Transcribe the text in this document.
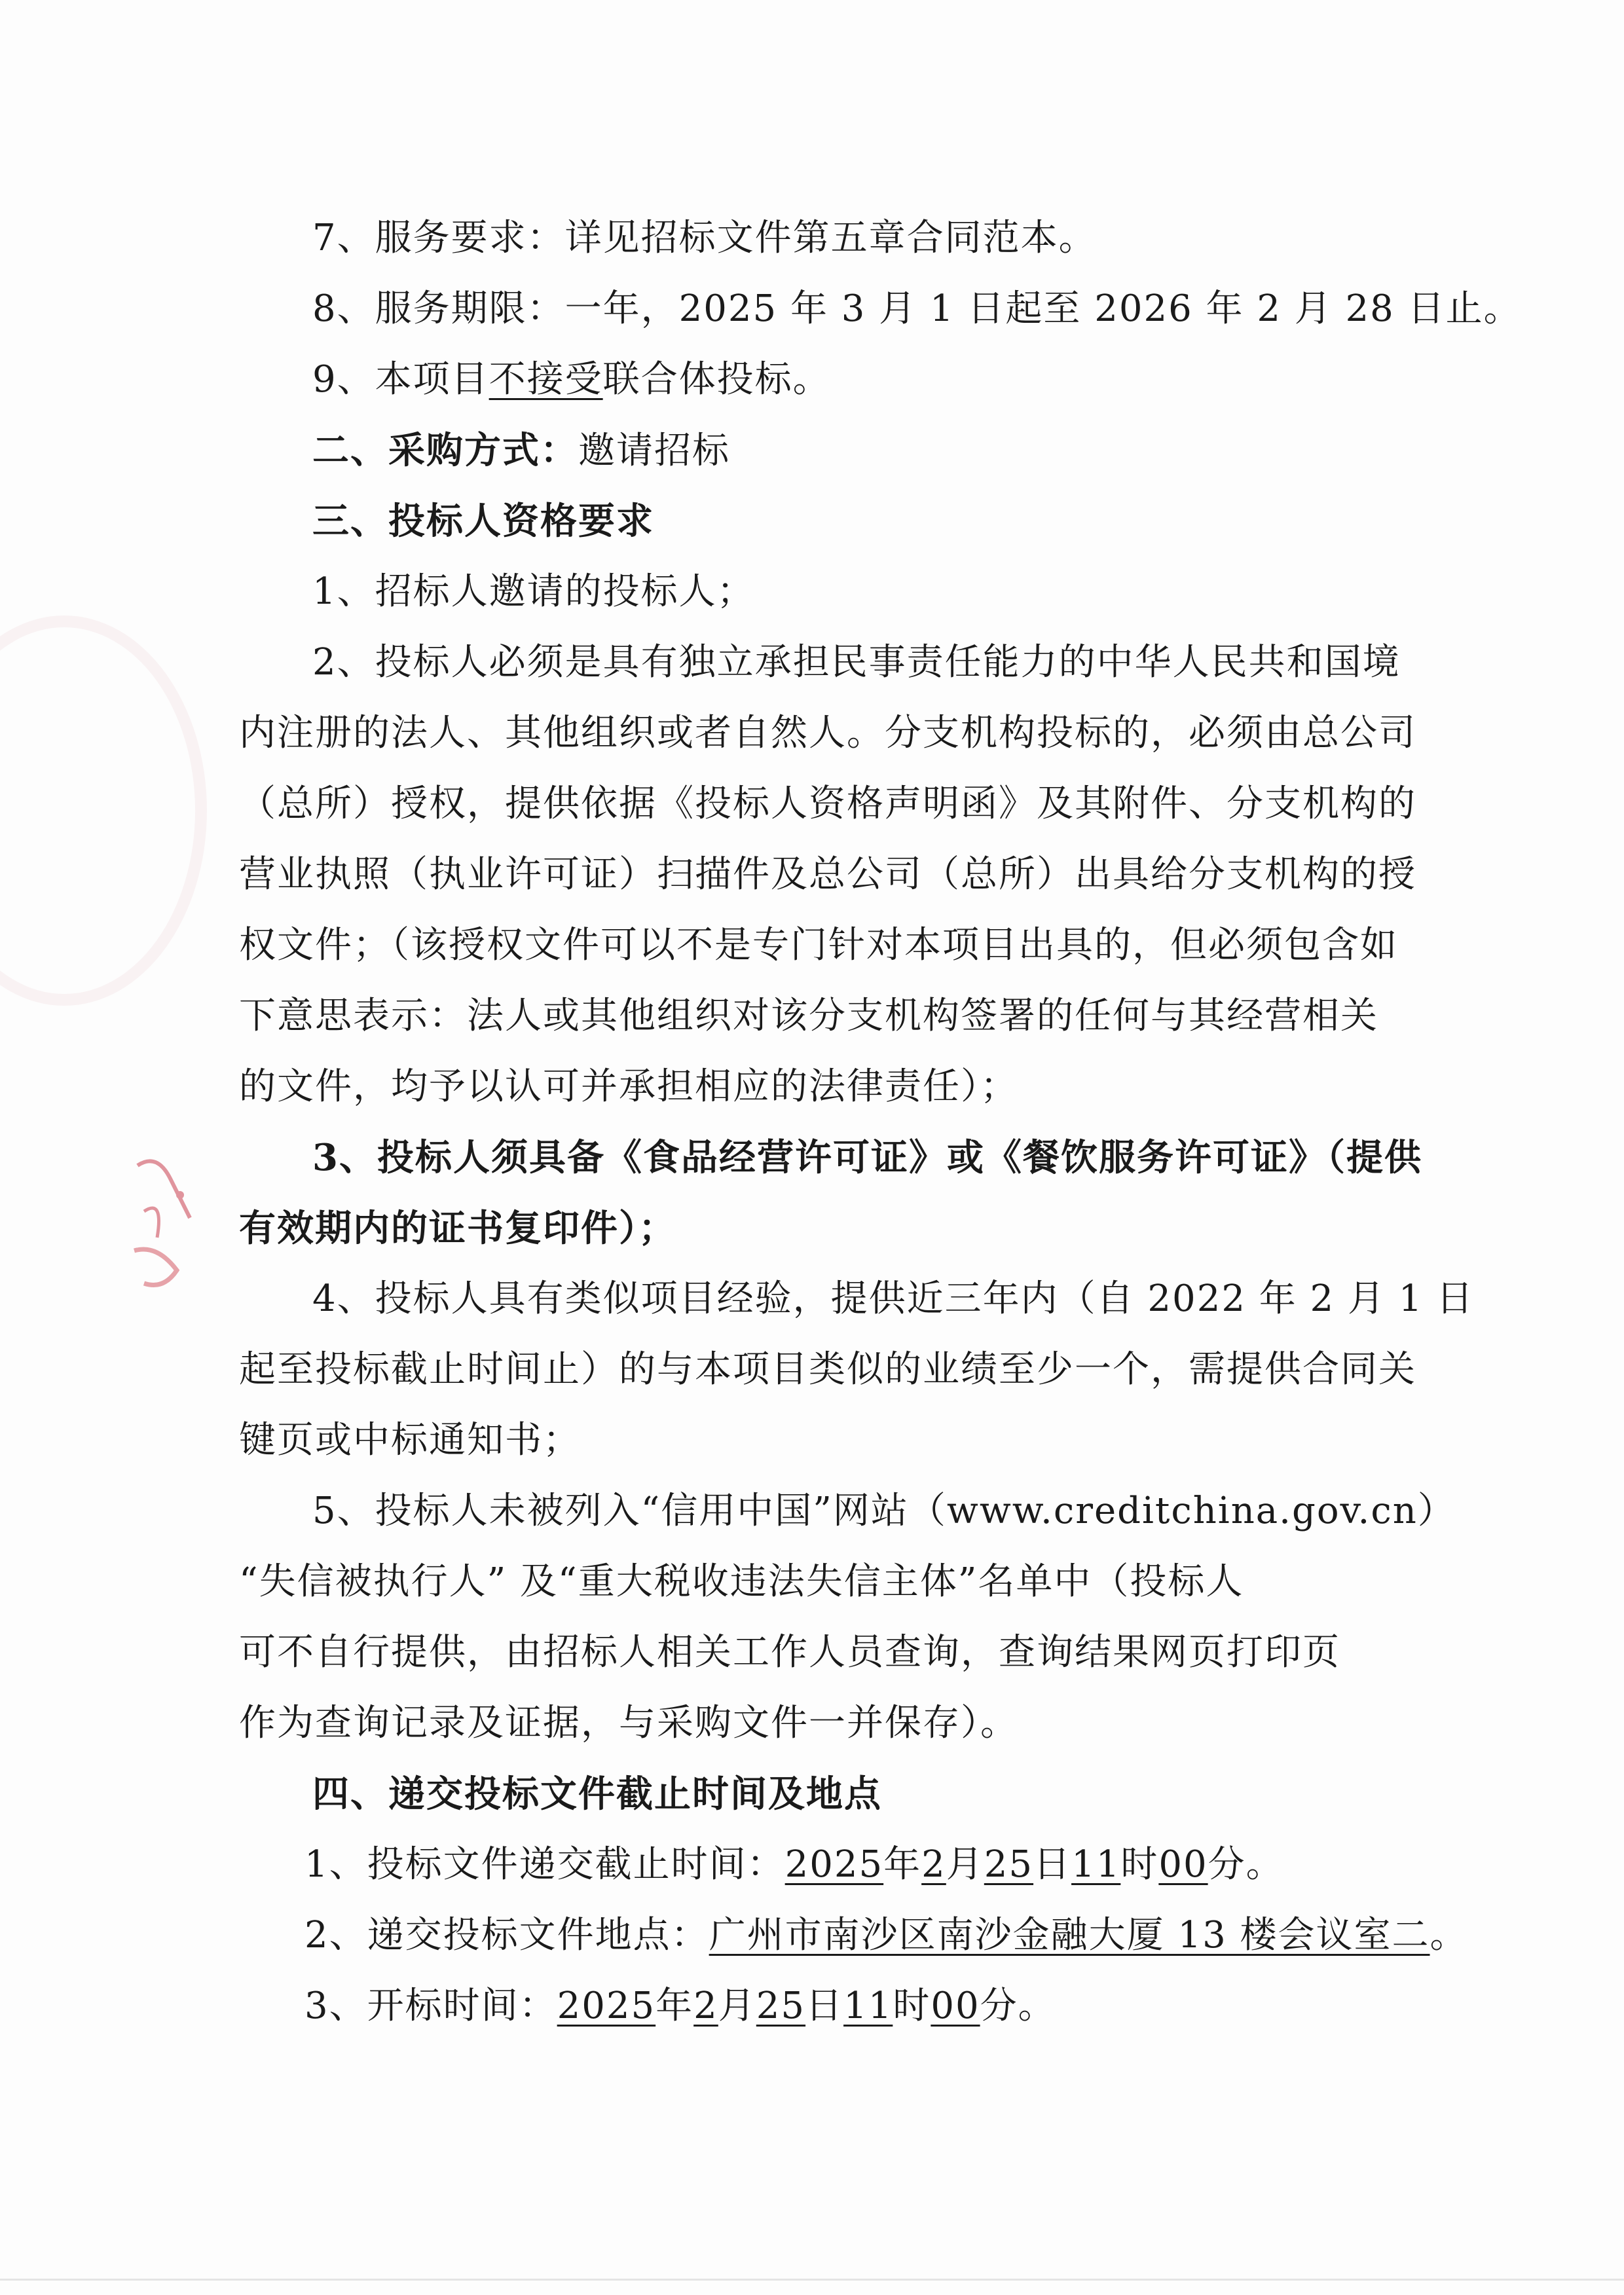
7、服务要求：详见招标文件第五章合同范本。
8、服务期限：一年，2025 年 3 月 1 日起至 2026 年 2 月 28 日止。
9、本项目不接受联合体投标。
二、采购方式：邀请招标
三、投标人资格要求
1、招标人邀请的投标人；
2、投标人必须是具有独立承担民事责任能力的中华人民共和国境
内注册的法人、其他组织或者自然人。分支机构投标的，必须由总公司
（总所）授权，提供依据《投标人资格声明函》及其附件、分支机构的
营业执照（执业许可证）扫描件及总公司（总所）出具给分支机构的授
权文件；（该授权文件可以不是专门针对本项目出具的，但必须包含如
下意思表示：法人或其他组织对该分支机构签署的任何与其经营相关
的文件，均予以认可并承担相应的法律责任）；
3、投标人须具备《食品经营许可证》或《餐饮服务许可证》（提供
有效期内的证书复印件）；
4、投标人具有类似项目经验，提供近三年内（自 2022 年 2 月 1 日
起至投标截止时间止）的与本项目类似的业绩至少一个，需提供合同关
键页或中标通知书；
5、投标人未被列入“信用中国”网站（www.creditchina.gov.cn）
“失信被执行人” 及“重大税收违法失信主体”名单中（投标人
可不自行提供，由招标人相关工作人员查询，查询结果网页打印页
作为查询记录及证据，与采购文件一并保存）。
四、递交投标文件截止时间及地点
1、投标文件递交截止时间：2025年2月25日11时00分。
2、递交投标文件地点：广州市南沙区南沙金融大厦 13 楼会议室二。
3、开标时间：2025年2月25日11时00分。
